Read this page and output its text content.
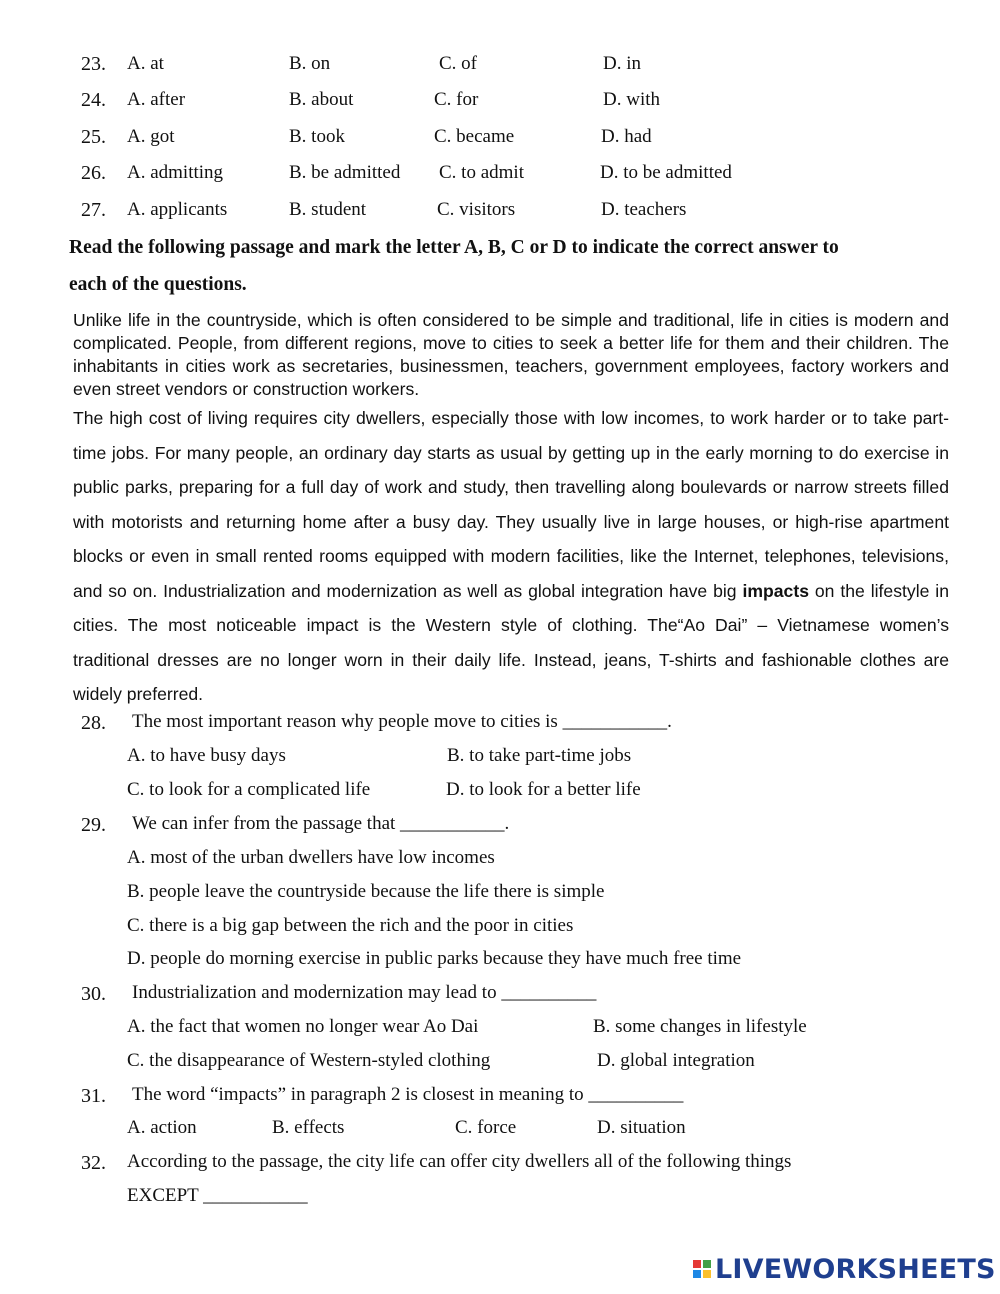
23. A. at	B. on	C. of	D. in
24. A. after	B. about	C. for	D. with
25. A. got	B. took	C. became	D. had
26. A. admitting	B. be admitted C. to admit	D. to be admitted
27. A. applicants	B. student	C. visitors	D. teachers
Read the following passage and mark the letter A, B, C or D to indicate the correct answer to
each of the questions.

Unlike life in the countryside, which is often considered to be simple and traditional, life in cities is modern and complicated. People, from different regions, move to cities to seek a better life for them and their children. The inhabitants in cities work as secretaries, businessmen, teachers, government employees, factory workers and even street vendors or construction workers.

The high cost of living requires city dwellers, especially those with low incomes, to work harder or to take part-time jobs. For many people, an ordinary day starts as usual by getting up in the early morning to do exercise in public parks, preparing for a full day of work and study, then travelling along boulevards or narrow streets filled with motorists and returning home after a busy day. They usually live in large houses, or high-rise apartment blocks or even in small rented rooms equipped with modern facilities, like the Internet, telephones, televisions, and so on. Industrialization and modernization as well as global integration have big impacts on the lifestyle in cities. The most noticeable impact is the Western style of clothing. The“Ao Dai” – Vietnamese women’s traditional dresses are no longer worn in their daily life. Instead, jeans, T-shirts and fashionable clothes are widely preferred.

28. The most important reason why people move to cities is ___________.
A. to have busy days	B. to take part-time jobs
C. to look for a complicated life	D. to look for a better life
29. We can infer from the passage that ___________.
A. most of the urban dwellers have low incomes
B. people leave the countryside because the life there is simple
C. there is a big gap between the rich and the poor in cities
D. people do morning exercise in public parks because they have much free time
30. Industrialization and modernization may lead to __________
A. the fact that women no longer wear Ao Dai	B. some changes in lifestyle
C. the disappearance of Western-styled clothing	D. global integration
31. The word “impacts” in paragraph 2 is closest in meaning to __________
A. action	B. effects	C. force	D. situation
32. According to the passage, the city life can offer city dwellers all of the following things
EXCEPT ___________
LIVEWORKSHEETS
